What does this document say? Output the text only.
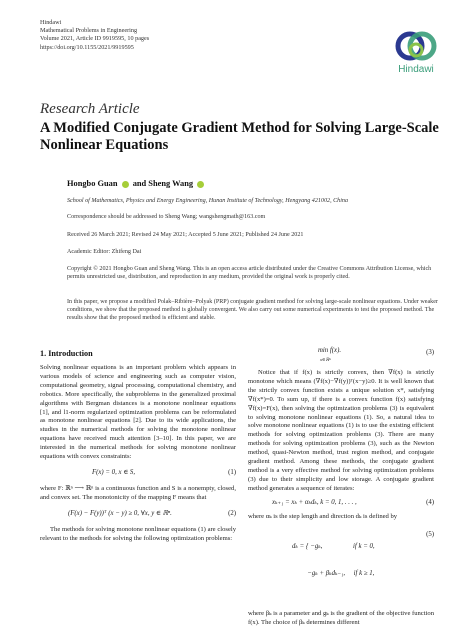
Hindawi
Mathematical Problems in Engineering
Volume 2021, Article ID 9919595, 10 pages
https://doi.org/10.1155/2021/9919595
Hindawi
Research Article
A Modified Conjugate Gradient Method for Solving Large-Scale Nonlinear Equations
Hongbo Guan and Sheng Wang
School of Mathematics, Physics and Energy Engineering, Hunan Institute of Technology, Hengyang 421002, China
Correspondence should be addressed to Sheng Wang; wangshengmath@163.com
Received 26 March 2021; Revised 24 May 2021; Accepted 5 June 2021; Published 24 June 2021
Academic Editor: Zhifeng Dai
Copyright © 2021 Hongbo Guan and Sheng Wang. This is an open access article distributed under the Creative Commons Attribution License, which permits unrestricted use, distribution, and reproduction in any medium, provided the original work is properly cited.
In this paper, we propose a modified Polak–Ribière–Polyak (PRP) conjugate gradient method for solving large-scale nonlinear equations. Under weaker conditions, we show that the proposed method is globally convergent. We also carry out some numerical experiments to test the proposed method. The results show that the proposed method is efficient and stable.
1. Introduction

Solving nonlinear equations is an important problem which appears in various models of science and engineering such as computer vision, computational geometry, signal processing, computational chemistry, and robotics. More specifically, the subproblems in the generalized proximal algorithms with Bergman distances is a monotone nonlinear equations [1], and l1-norm regularized optimization problems can be reformulated as monotone nonlinear equations [2]. Due to its wide applications, the studies in the numerical methods for solving the monotone nonlinear equations have received much attention [3–10]. In this paper, we are interested in the numerical methods for solving monotone nonlinear equations with convex constraints:

F(x) = 0, x ∈ S,	(1)

where F: ℝⁿ ⟶ ℝⁿ is a continuous function and S is a nonempty, closed, and convex set. The monotonicity of the mapping F means that

(F(x) − F(y))ᵀ (x − y) ≥ 0, ∀x, y ∈ ℝⁿ.	(2)

The methods for solving monotone nonlinear equations (1) are closely relevant to the methods for solving the following optimization problems:

min f(x).
x∈ℝⁿ
(3)

Notice that if f(x) is strictly convex, then ∇f(x) is strictly monotone which means (∇f(x)−∇f(y))ᵀ(x−y)≥0. It is well known that the strictly convex function exists a unique solution x*, satisfying ∇f(x*)=0. To sum up, if there is a convex function f(x) satisfying ∇f(x)=F(x), then solving the optimization problems (3) is equivalent to solving monotone nonlinear equations (1). So, a natural idea to solve monotone nonlinear equations (1) is to use the existing efficient methods for solving optimization problems (3). There are many methods for solving optimization problems (3), such as the Newton method, quasi-Newton method, trust region method, and conjugate gradient method. Among these methods, the conjugate gradient method is a very effective method for solving optimization problems (3) due to their simplicity and low storage. A conjugate gradient method generates a sequence of iterates:

xₖ₊₁ = xₖ + αₖdₖ, k = 0, 1, . . . ,	(4)

where αₖ is the step length and direction dₖ is defined by

dₖ = { −gₖ,                  if k = 0,

−gₖ + βₖdₖ₋₁,     if k ≥ 1,

(5)

where βₖ is a parameter and gₖ is the gradient of the objective function f(x). The choice of βₖ determines different
